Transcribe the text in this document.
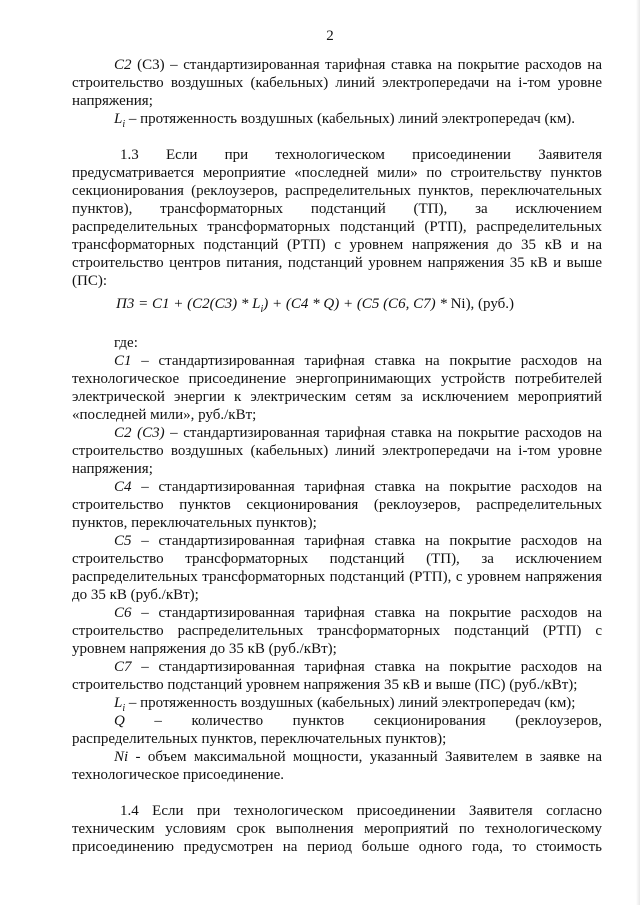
2
С2 (С3) – стандартизированная тарифная ставка на покрытие расходов на
строительство воздушных (кабельных) линий электропередачи на i-том уровне
напряжения;
$L_i$ – протяженность воздушных (кабельных) линий электропередач (км).
1.3 Если при технологическом присоединении Заявителя
предусматривается мероприятие «последней мили» по строительству пунктов
секционирования (реклоузеров, распределительных пунктов, переключательных
пунктов), трансформаторных подстанций (ТП), за исключением
распределительных трансформаторных подстанций (РТП), распределительных
трансформаторных подстанций (РТП) с уровнем напряжения до 35 кВ и на
строительство центров питания, подстанций уровнем напряжения 35 кВ и выше
(ПС):
$П3 = C1 + (C2(C3) * L_i) + (C4 * Q) + (C5$ (C6, C7) * Ni), (руб.)
где:
С1 – стандартизированная тарифная ставка на покрытие расходов на
технологическое присоединение энергопринимающих устройств потребителей
электрической энергии к электрическим сетям за исключением мероприятий
«последней мили», руб./кВт;
С2 (С3) – стандартизированная тарифная ставка на покрытие расходов на
строительство воздушных (кабельных) линий электропередачи на i-том уровне
напряжения;
С4 – стандартизированная тарифная ставка на покрытие расходов на
строительство пунктов секционирования (реклоузеров, распределительных
пунктов, переключательных пунктов);
С5 – стандартизированная тарифная ставка на покрытие расходов на
строительство трансформаторных подстанций (ТП), за исключением
распределительных трансформаторных подстанций (РТП), с уровнем напряжения
до 35 кВ (руб./кВт);
С6 – стандартизированная тарифная ставка на покрытие расходов на
строительство распределительных трансформаторных подстанций (РТП) с
уровнем напряжения до 35 кВ (руб./кВт);
С7 – стандартизированная тарифная ставка на покрытие расходов на
строительство подстанций уровнем напряжения 35 кВ и выше (ПС) (руб./кВт);
$L_i$ – протяженность воздушных (кабельных) линий электропередач (км);
Q – количество пунктов секционирования (реклоузеров,
распределительных пунктов, переключательных пунктов);
Ni - объем максимальной мощности, указанный Заявителем в заявке на
технологическое присоединение.
1.4 Если при технологическом присоединении Заявителя согласно
техническим условиям срок выполнения мероприятий по технологическому
присоединению предусмотрен на период больше одного года, то стоимость
